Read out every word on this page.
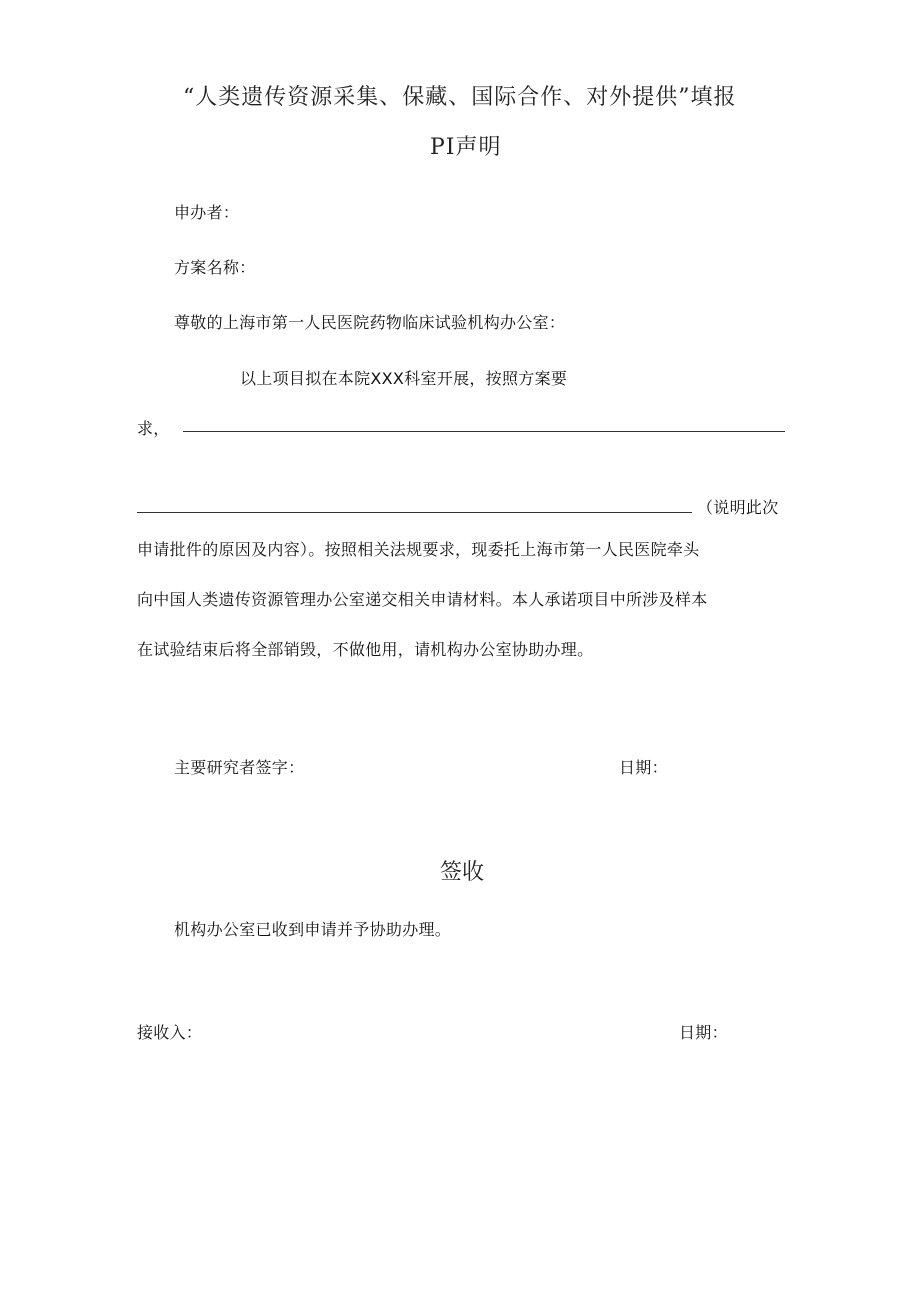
“人类遗传资源采集、保藏、国际合作、对外提供”填报
PI声明
申办者：
方案名称：
尊敬的上海市第一人民医院药物临床试验机构办公室：
以上项目拟在本院XXX科室开展，按照方案要
求，
（说明此次
申请批件的原因及内容）。按照相关法规要求，现委托上海市第一人民医院牵头
向中国人类遗传资源管理办公室递交相关申请材料。本人承诺项目中所涉及样本
在试验结束后将全部销毁，不做他用，请机构办公室协助办理。
主要研究者签字：	日期：
签收
机构办公室已收到申请并予协助办理。
接收入：	日期：
